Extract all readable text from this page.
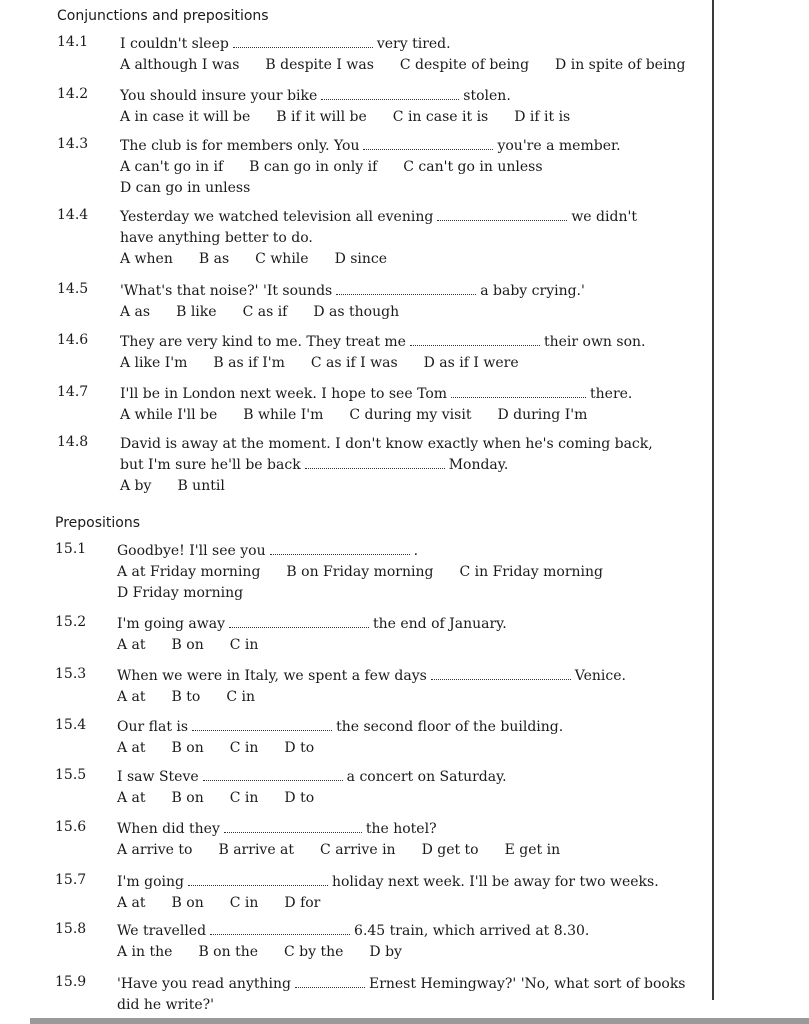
Conjunctions and prepositions
14.1 I couldn't sleep	very tired.
A although I was B despite I was C despite of being D in spite of being
14.2 You should insure your bike	stolen.
A in case it will be B if it will be C in case it is D if it is
14.3 The club is for members only. You	you're a member.
A can't go in if B can go in only if C can't go in unless
D can go in unless
14.4 Yesterday we watched television all evening	we didn't
have anything better to do.
A when B as C while D since
14.5 'What's that noise?' 'It sounds	a baby crying.'
A as B like C as if D as though
14.6 They are very kind to me. They treat me	their own son.
A like I'm B as if I'm C as if I was D as if I were
14.7 I'll be in London next week. I hope to see Tom	there.
A while I'll be B while I'm C during my visit D during I'm
14.8 David is away at the moment. I don't know exactly when he's coming back,
but I'm sure he'll be back	Monday.
A by B until
Prepositions
15.1 Goodbye! I'll see you	.
A at Friday morning B on Friday morning C in Friday morning
D Friday morning
15.2 I'm going away	the end of January.
A at B on C in
15.3 When we were in Italy, we spent a few days	Venice.
A at B to C in
15.4 Our flat is	the second floor of the building.
A at B on C in D to
15.5 I saw Steve	a concert on Saturday.
A at B on C in D to
15.6 When did they	the hotel?
A arrive to B arrive at C arrive in D get to E get in
15.7 I'm going	holiday next week. I'll be away for two weeks.
A at B on C in D for
15.8 We travelled	6.45 train, which arrived at 8.30.
A in the B on the C by the D by
15.9 'Have you read anything	Ernest Hemingway?' 'No, what sort of books
did he write?'
